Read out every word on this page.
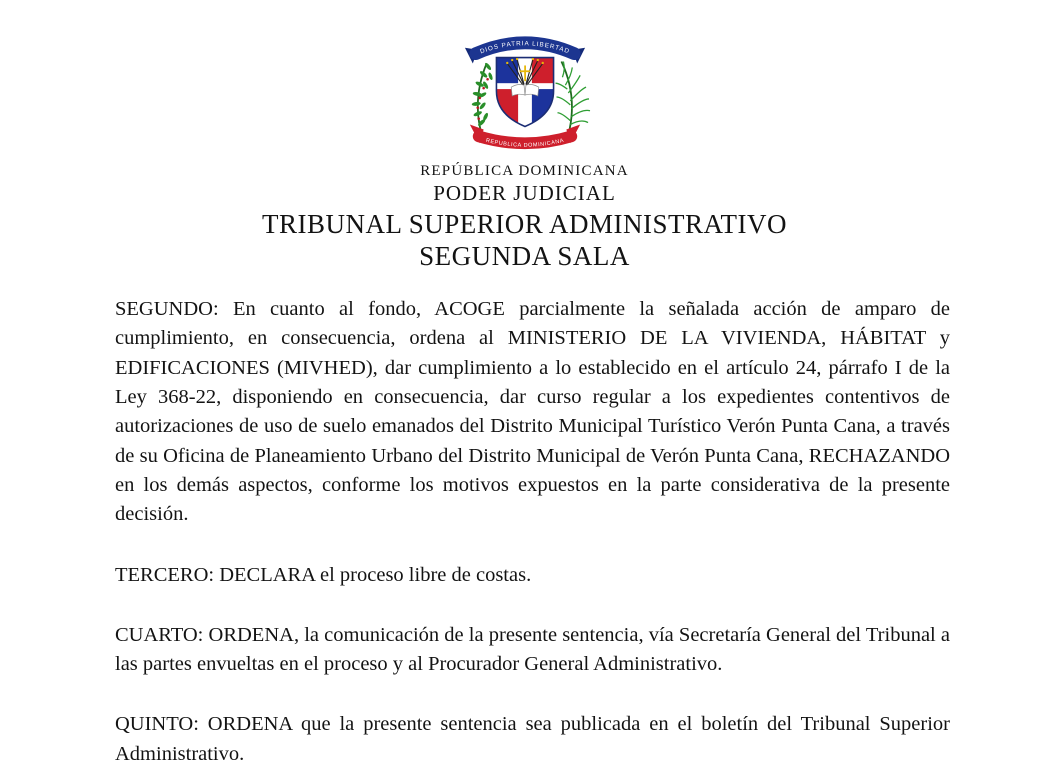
DIOS PATRIA LIBERTAD
REPUBLICA DOMINICANA
REPÚBLICA DOMINICANA
PODER JUDICIAL
TRIBUNAL SUPERIOR ADMINISTRATIVO
SEGUNDA SALA

SEGUNDO: En cuanto al fondo, ACOGE parcialmente la señalada acción de amparo de cumplimiento, en consecuencia, ordena al MINISTERIO DE LA VIVIENDA, HÁBITAT y EDIFICACIONES (MIVHED), dar cumplimiento a lo establecido en el artículo 24, párrafo I de la Ley 368-22, disponiendo en consecuencia, dar curso regular a los expedientes contentivos de autorizaciones de uso de suelo emanados del Distrito Municipal Turístico Verón Punta Cana, a través de su Oficina de Planeamiento Urbano del Distrito Municipal de Verón Punta Cana, RECHAZANDO en los demás aspectos, conforme los motivos expuestos en la parte considerativa de la presente decisión.

TERCERO: DECLARA el proceso libre de costas.

CUARTO: ORDENA, la comunicación de la presente sentencia, vía Secretaría General del Tribunal a las partes envueltas en el proceso y al Procurador General Administrativo.

QUINTO: ORDENA que la presente sentencia sea publicada en el boletín del Tribunal Superior Administrativo.
